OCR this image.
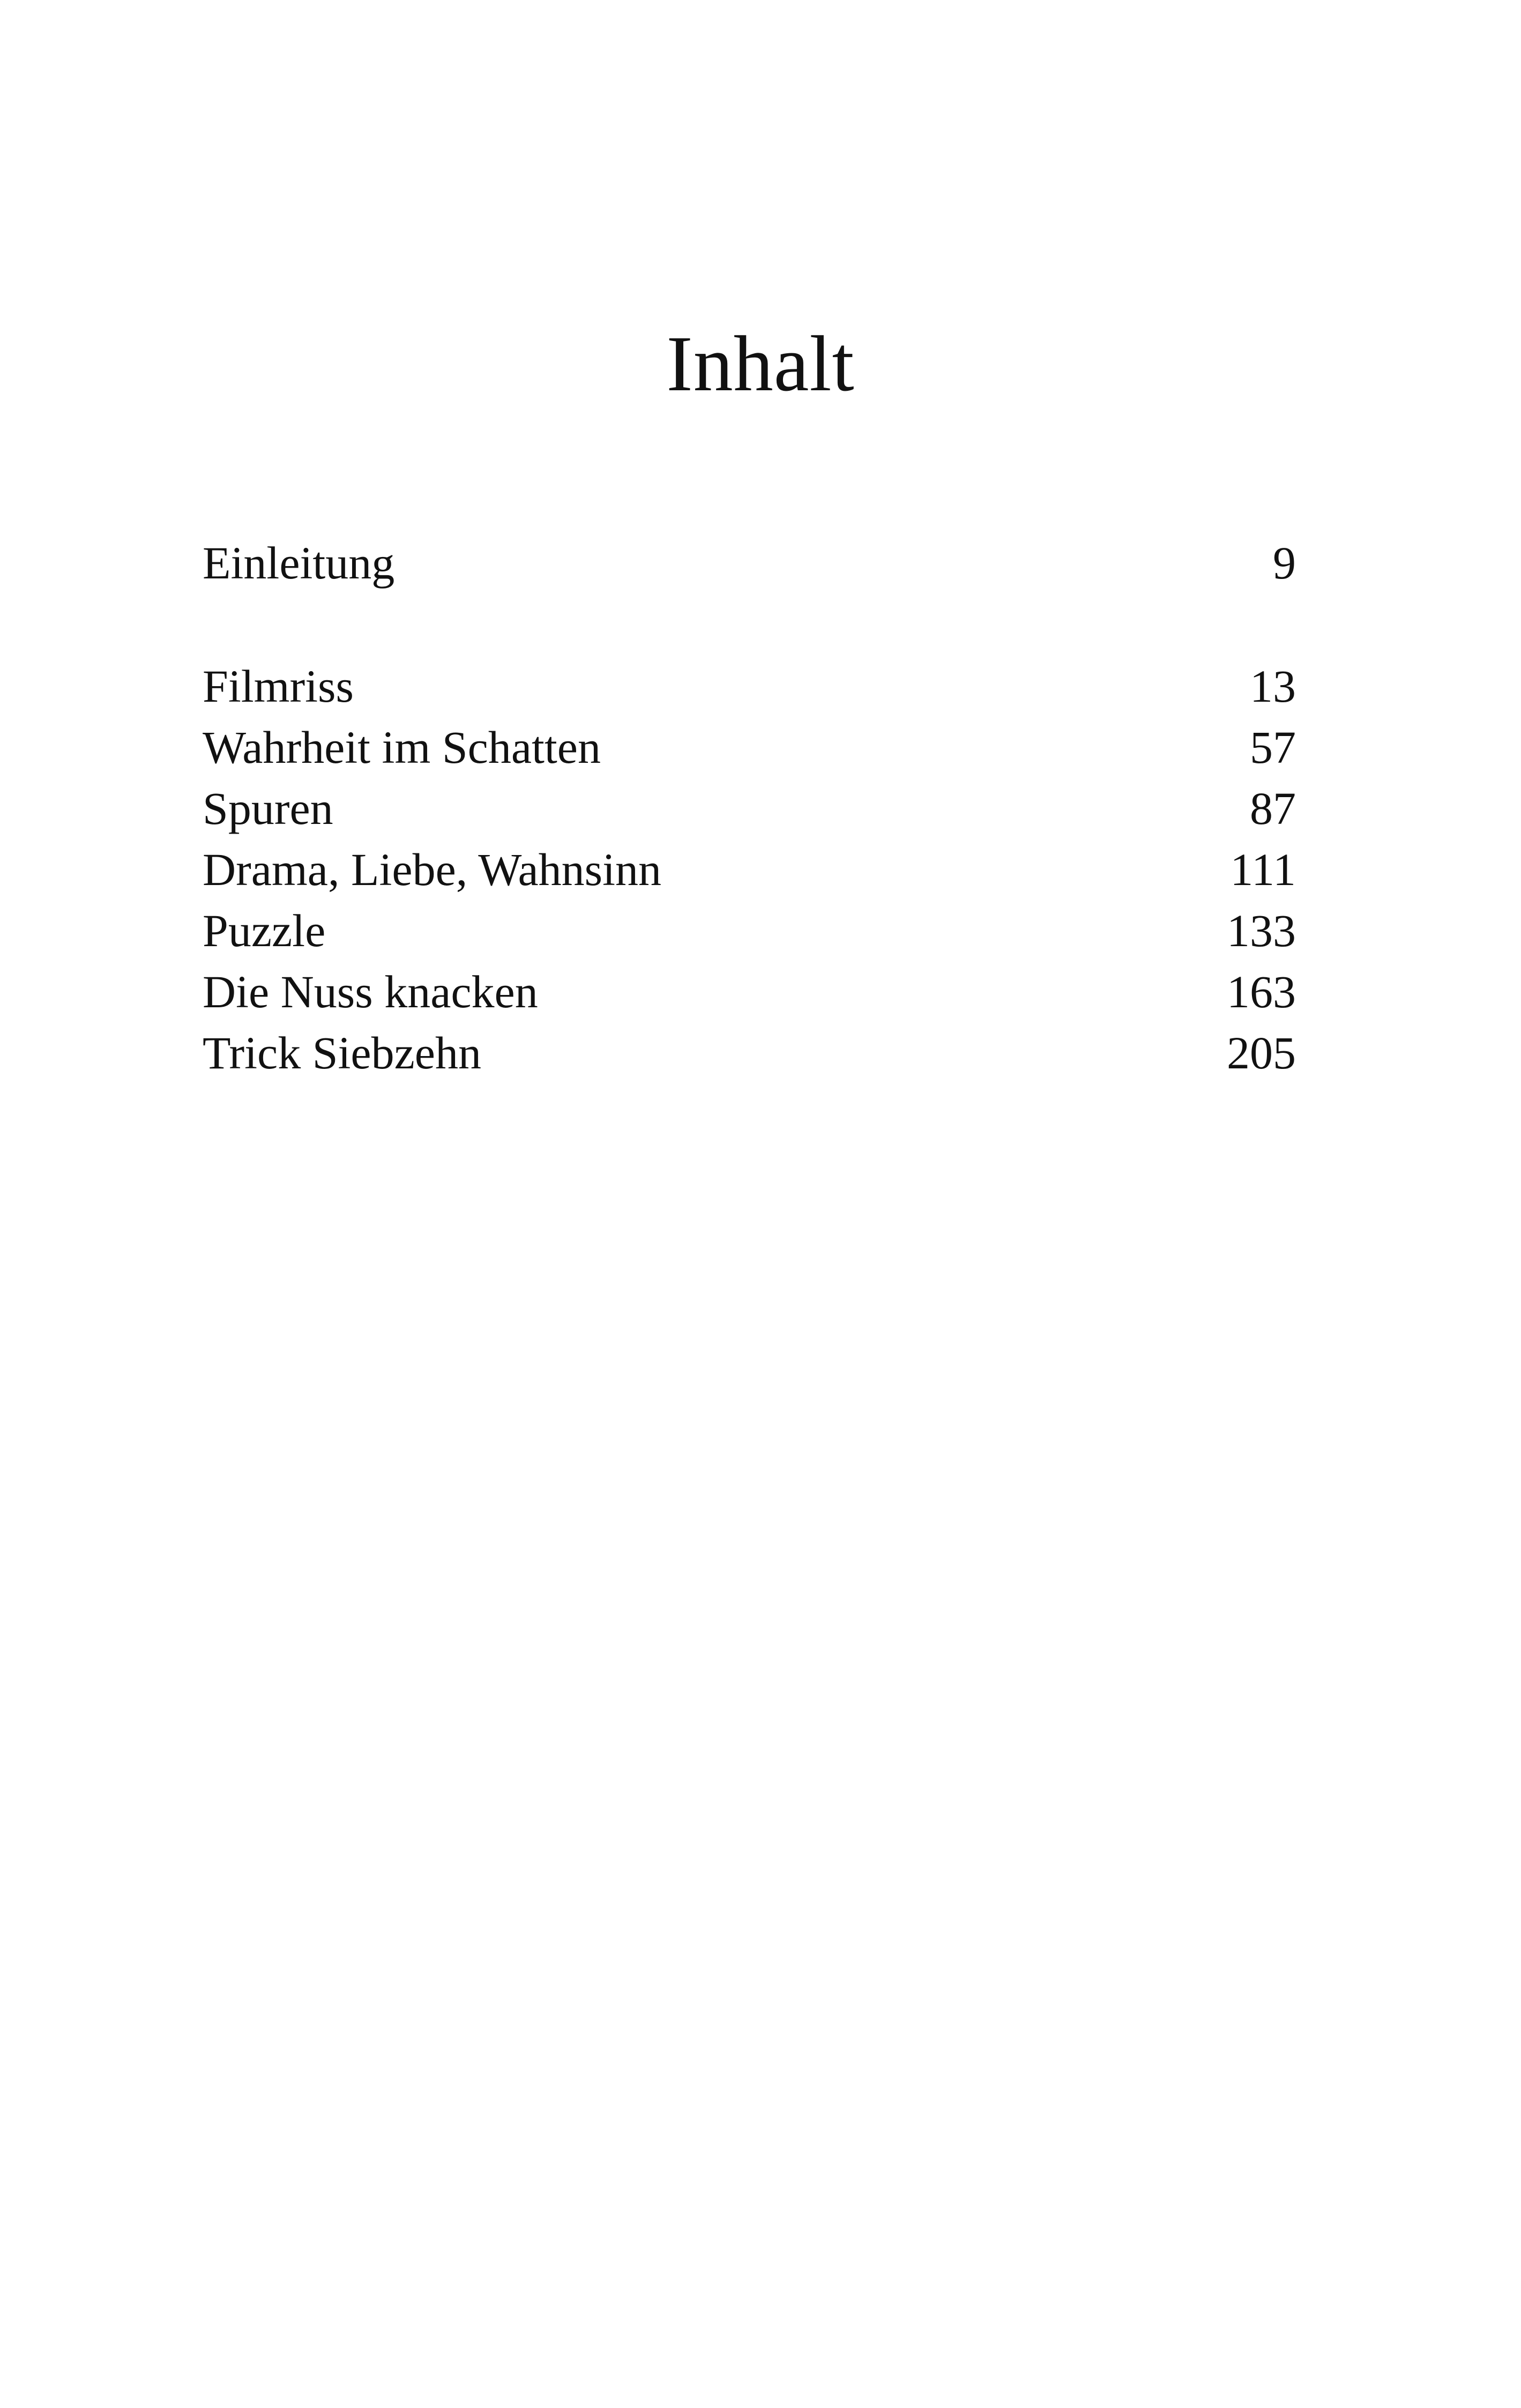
Inhalt
Einleitung	9
Filmriss	13
Wahrheit im Schatten	57
Spuren	87
Drama, Liebe, Wahnsinn	111
Puzzle	133
Die Nuss knacken	163
Trick Siebzehn	205
